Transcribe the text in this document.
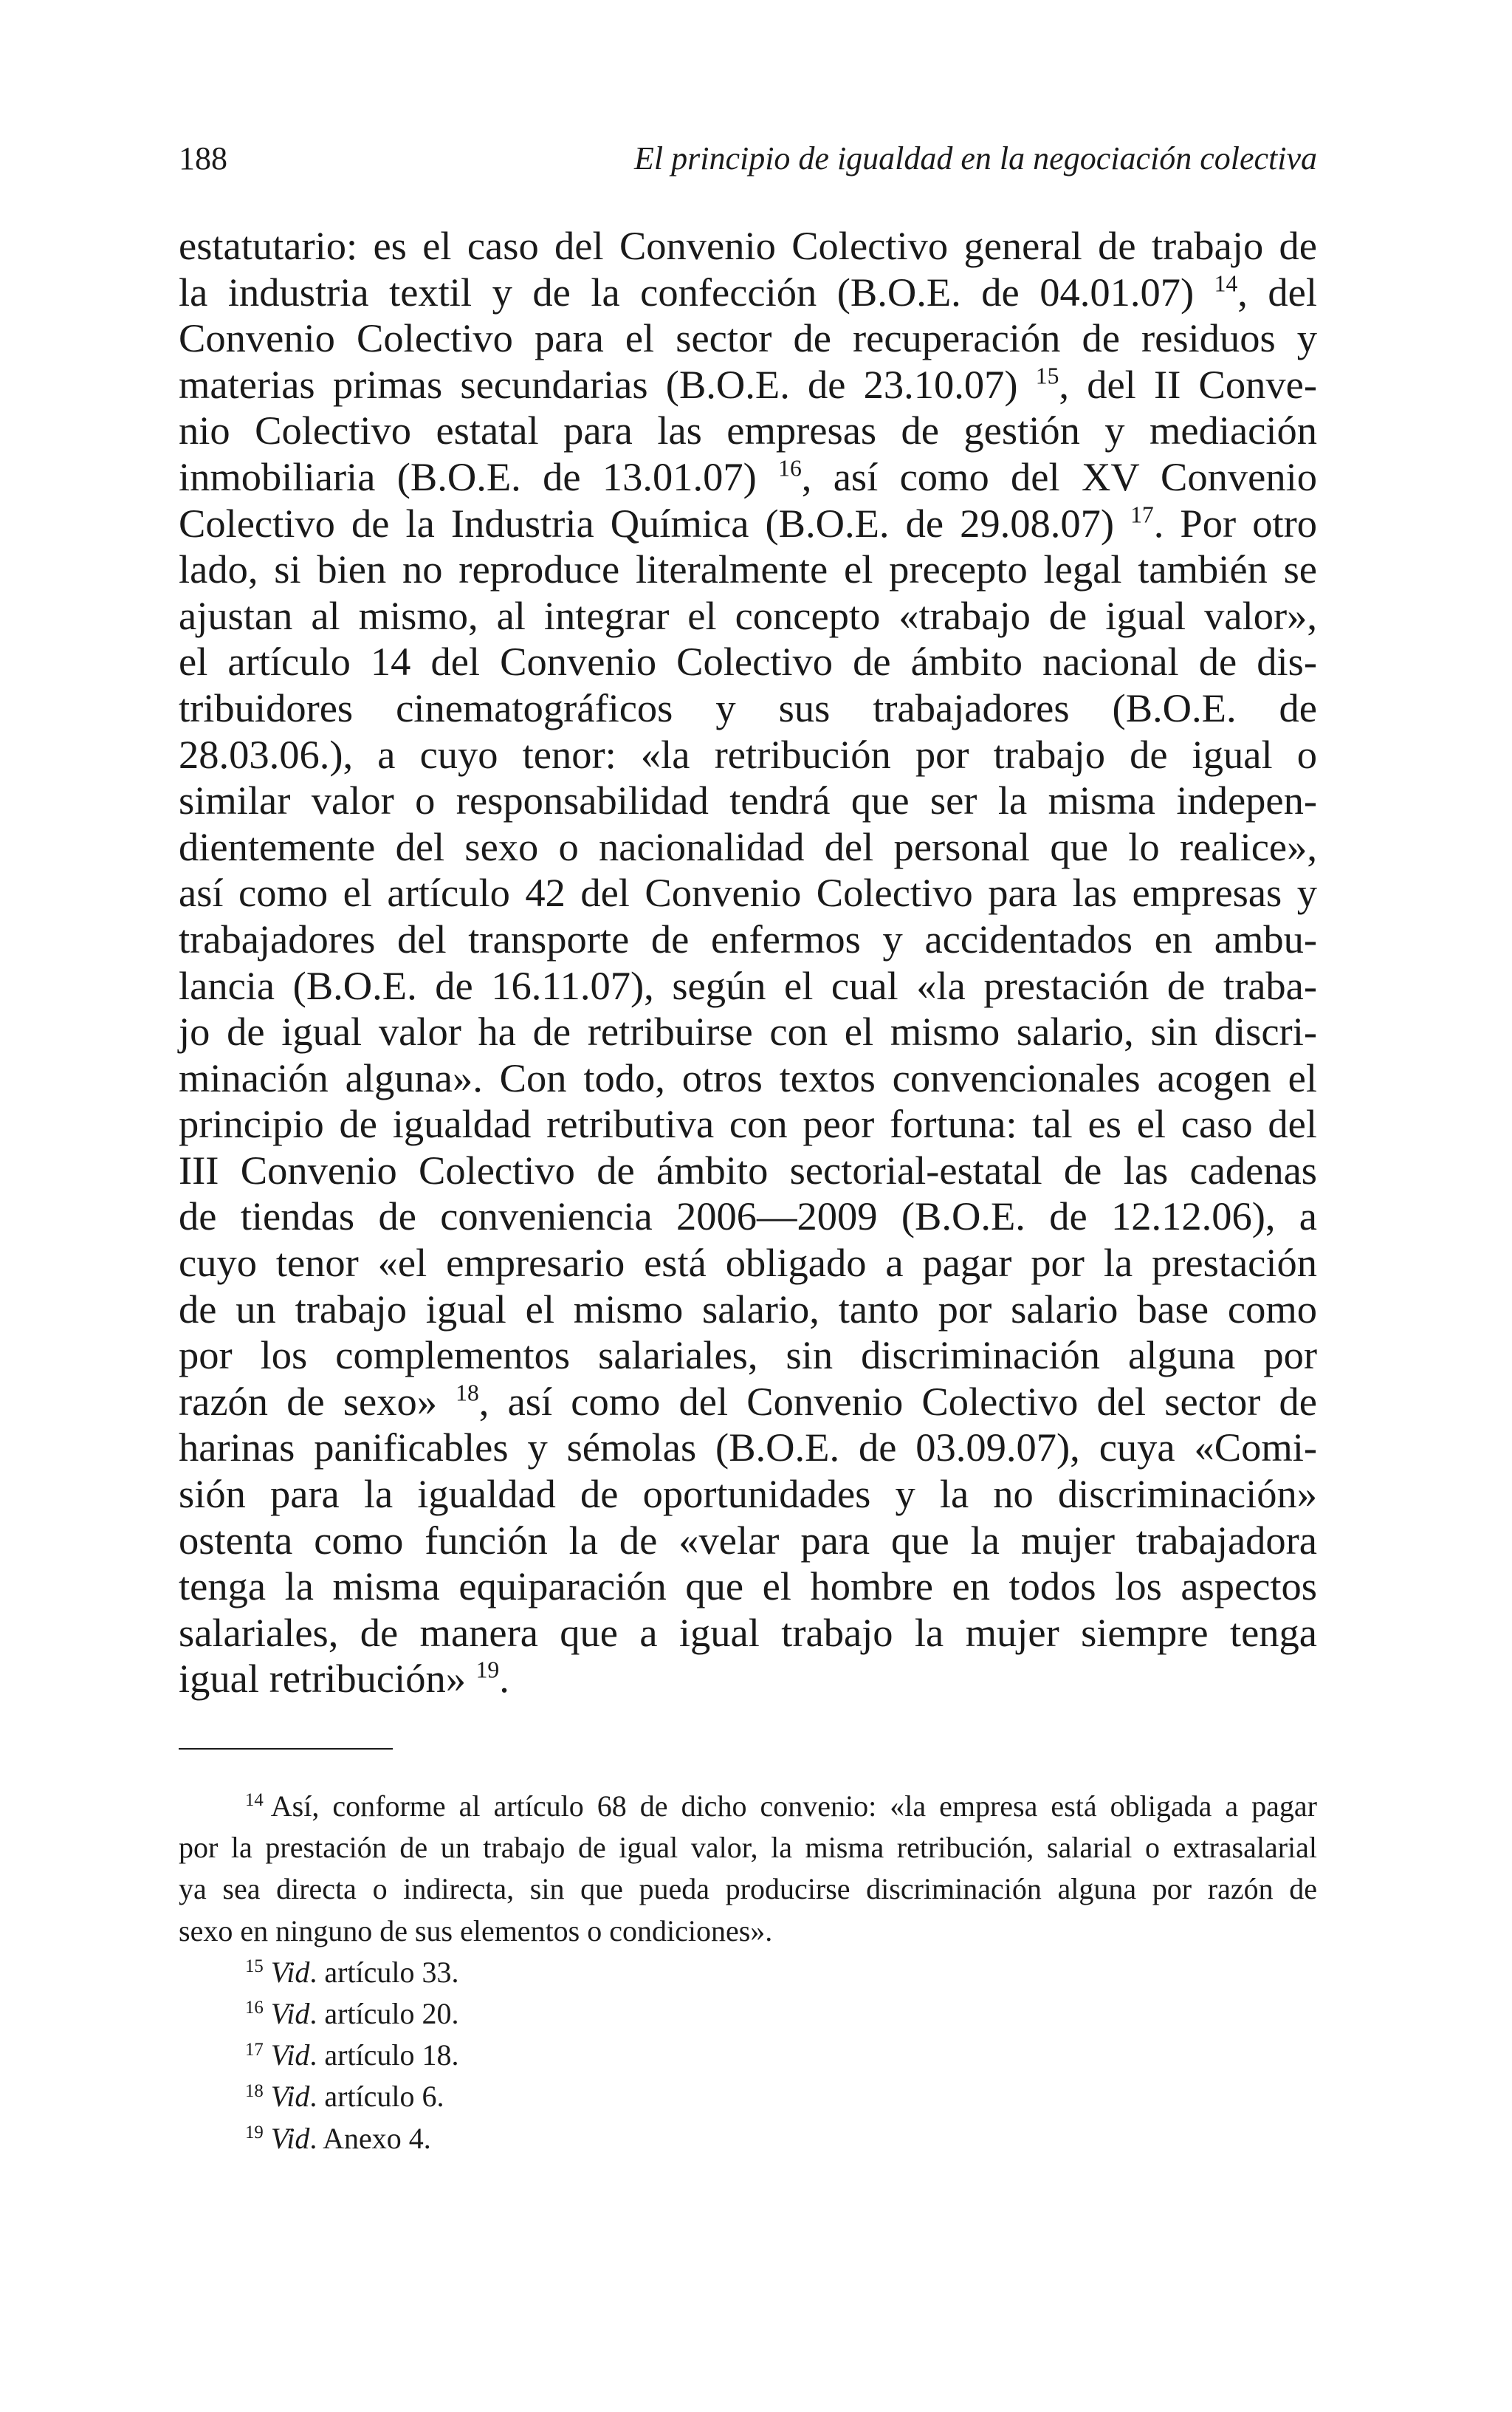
188	El principio de igualdad en la negociación colectiva
estatutario: es el caso del Convenio Colectivo general de trabajo de
la industria textil y de la confección (B.O.E. de 04.01.07) $^{14}$, del
Convenio Colectivo para el sector de recuperación de residuos y
materias primas secundarias (B.O.E. de 23.10.07) $^{15}$, del II Conve-
nio Colectivo estatal para las empresas de gestión y mediación
inmobiliaria (B.O.E. de 13.01.07) $^{16}$, así como del XV Convenio
Colectivo de la Industria Química (B.O.E. de 29.08.07) $^{17}$. Por otro
lado, si bien no reproduce literalmente el precepto legal también se
ajustan al mismo, al integrar el concepto «trabajo de igual valor»,
el artículo 14 del Convenio Colectivo de ámbito nacional de dis-
tribuidores cinematográficos y sus trabajadores (B.O.E. de
28.03.06.), a cuyo tenor: «la retribución por trabajo de igual o
similar valor o responsabilidad tendrá que ser la misma indepen-
dientemente del sexo o nacionalidad del personal que lo realice»,
así como el artículo 42 del Convenio Colectivo para las empresas y
trabajadores del transporte de enfermos y accidentados en ambu-
lancia (B.O.E. de 16.11.07), según el cual «la prestación de traba-
jo de igual valor ha de retribuirse con el mismo salario, sin discri-
minación alguna». Con todo, otros textos convencionales acogen el
principio de igualdad retributiva con peor fortuna: tal es el caso del
III Convenio Colectivo de ámbito sectorial-estatal de las cadenas
de tiendas de conveniencia 2006—2009 (B.O.E. de 12.12.06), a
cuyo tenor «el empresario está obligado a pagar por la prestación
de un trabajo igual el mismo salario, tanto por salario base como
por los complementos salariales, sin discriminación alguna por
razón de sexo» $^{18}$, así como del Convenio Colectivo del sector de
harinas panificables y sémolas (B.O.E. de 03.09.07), cuya «Comi-
sión para la igualdad de oportunidades y la no discriminación»
ostenta como función la de «velar para que la mujer trabajadora
tenga la misma equiparación que el hombre en todos los aspectos
salariales, de manera que a igual trabajo la mujer siempre tenga
igual retribución» $^{19}$.
$^{14}$ Así, conforme al artículo 68 de dicho convenio: «la empresa está obligada a pagar
por la prestación de un trabajo de igual valor, la misma retribución, salarial o extrasalarial
ya sea directa o indirecta, sin que pueda producirse discriminación alguna por razón de
sexo en ninguno de sus elementos o condiciones».
$^{15}$ Vid. artículo 33.
$^{16}$ Vid. artículo 20.
$^{17}$ Vid. artículo 18.
$^{18}$ Vid. artículo 6.
$^{19}$ Vid. Anexo 4.
